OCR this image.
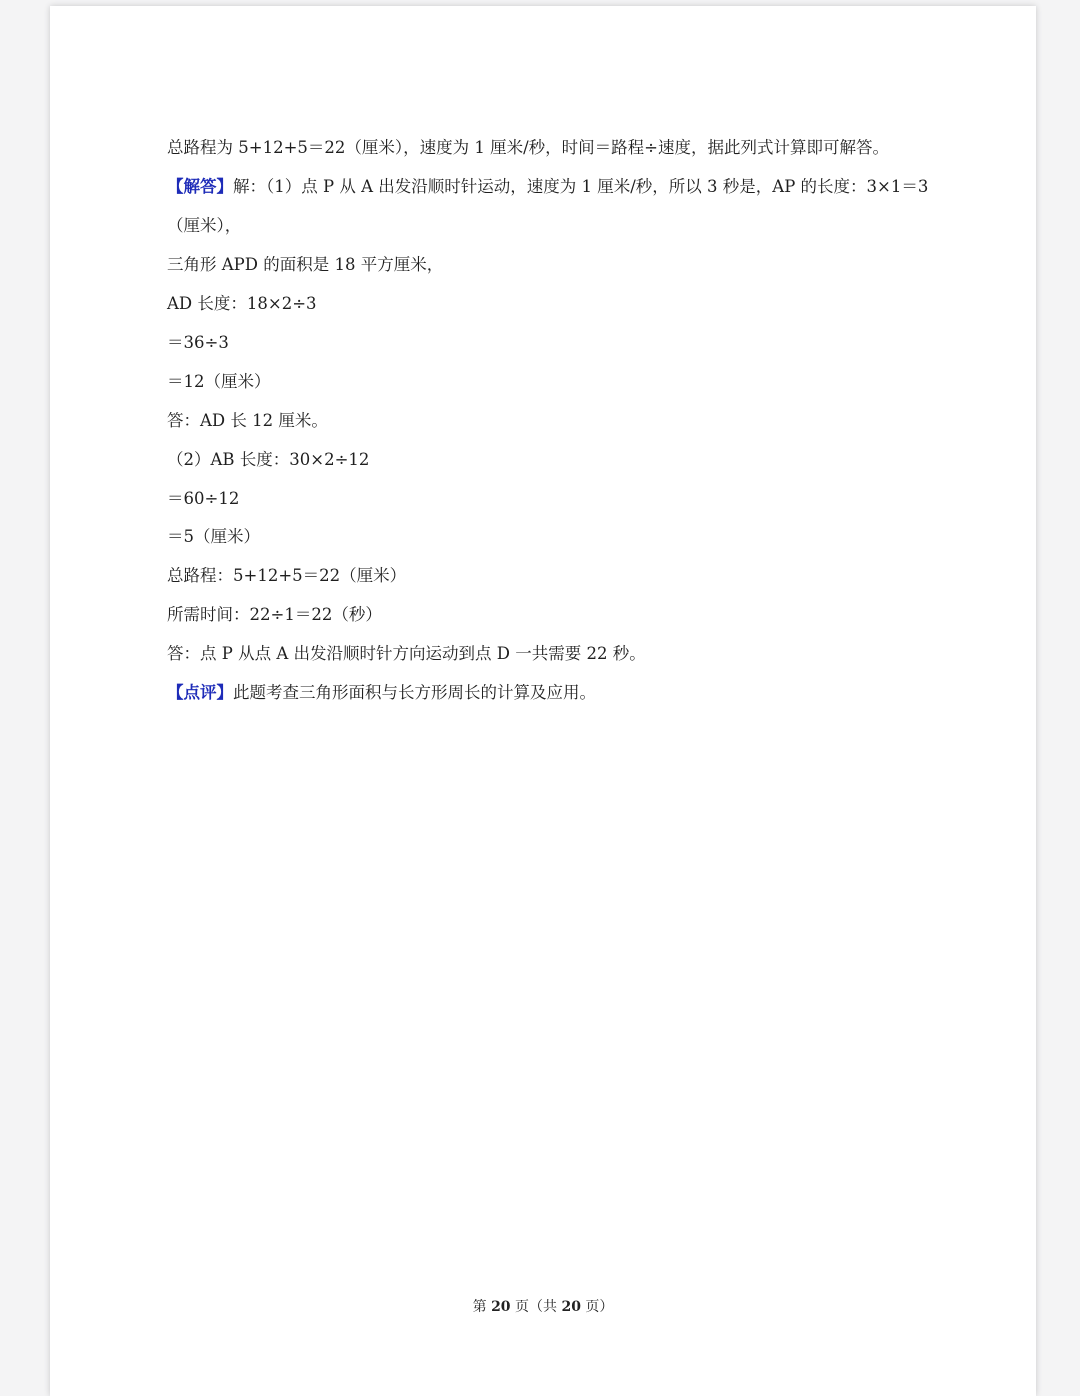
总路程为 5+12+5＝22（厘米），速度为 1 厘米/秒，时间＝路程÷速度，据此列式计算即可解答。
【解答】解：（1）点 P 从 A 出发沿顺时针运动，速度为 1 厘米/秒，所以 3 秒是，AP 的长度：3×1＝3
（厘米），
三角形 APD 的面积是 18 平方厘米，
AD 长度：18×2÷3
＝36÷3
＝12（厘米）
答：AD 长 12 厘米。
（2）AB 长度：30×2÷12
＝60÷12
＝5（厘米）
总路程：5+12+5＝22（厘米）
所需时间：22÷1＝22（秒）
答：点 P 从点 A 出发沿顺时针方向运动到点 D 一共需要 22 秒。
【点评】此题考查三角形面积与长方形周长的计算及应用。
第 20 页（共 20 页）
